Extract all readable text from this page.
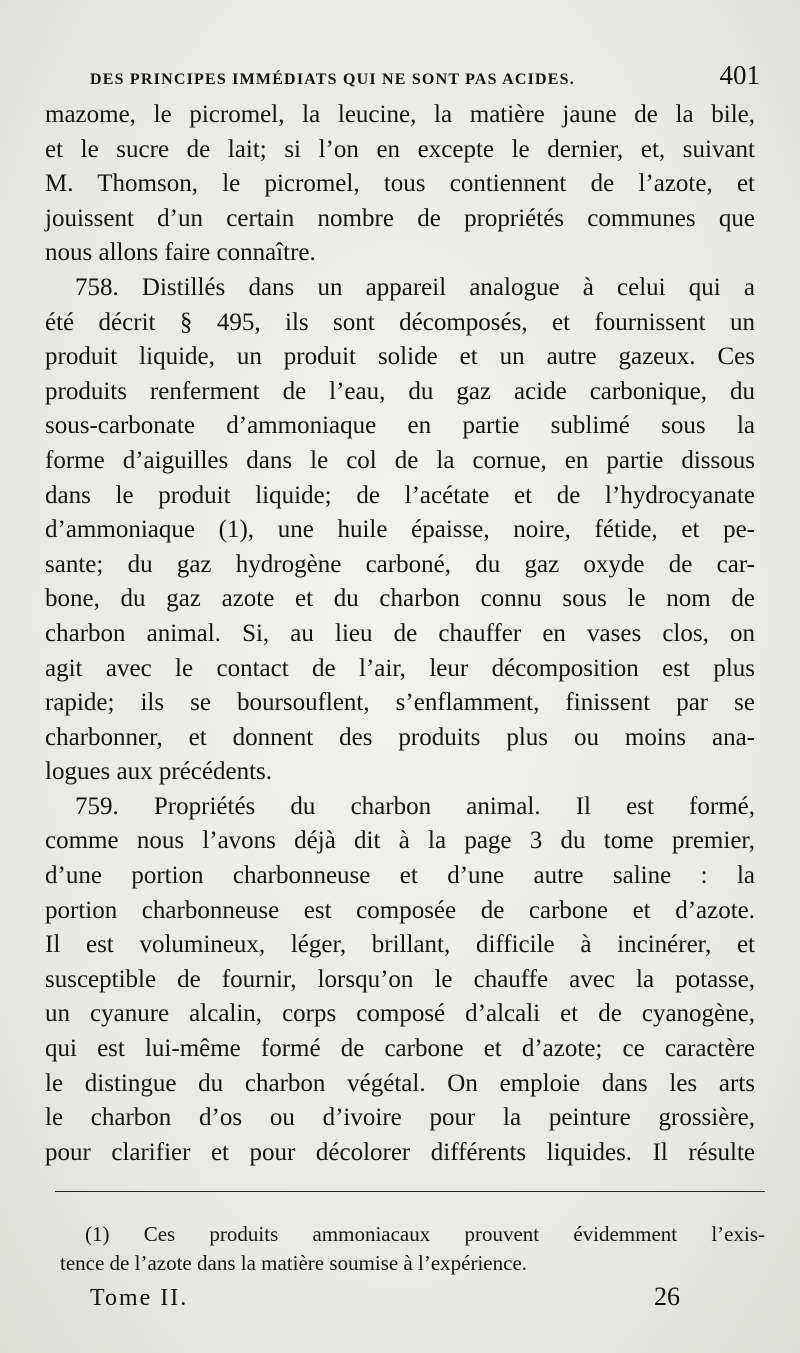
DES PRINCIPES IMMÉDIATS QUI NE SONT PAS ACIDES.	401
mazome, le picromel, la leucine, la matière jaune de la bile,
et le sucre de lait; si l’on en excepte le dernier, et, suivant
M. Thomson, le picromel, tous contiennent de l’azote, et
jouissent d’un certain nombre de propriétés communes que
nous allons faire connaître.
758. Distillés dans un appareil analogue à celui qui a
été décrit § 495, ils sont décomposés, et fournissent un
produit liquide, un produit solide et un autre gazeux. Ces
produits renferment de l’eau, du gaz acide carbonique, du
sous-carbonate d’ammoniaque en partie sublimé sous la
forme d’aiguilles dans le col de la cornue, en partie dissous
dans le produit liquide; de l’acétate et de l’hydrocyanate
d’ammoniaque (1), une huile épaisse, noire, fétide, et pe-
sante; du gaz hydrogène carboné, du gaz oxyde de car-
bone, du gaz azote et du charbon connu sous le nom de
charbon animal. Si, au lieu de chauffer en vases clos, on
agit avec le contact de l’air, leur décomposition est plus
rapide; ils se boursouflent, s’enflamment, finissent par se
charbonner, et donnent des produits plus ou moins ana-
logues aux précédents.
759. Propriétés du charbon animal. Il est formé,
comme nous l’avons déjà dit à la page 3 du tome premier,
d’une portion charbonneuse et d’une autre saline : la
portion charbonneuse est composée de carbone et d’azote.
Il est volumineux, léger, brillant, difficile à incinérer, et
susceptible de fournir, lorsqu’on le chauffe avec la potasse,
un cyanure alcalin, corps composé d’alcali et de cyanogène,
qui est lui-même formé de carbone et d’azote; ce caractère
le distingue du charbon végétal. On emploie dans les arts
le charbon d’os ou d’ivoire pour la peinture grossière,
pour clarifier et pour décolorer différents liquides. Il résulte
(1) Ces produits ammoniacaux prouvent évidemment l’exis-
tence de l’azote dans la matière soumise à l’expérience.
Tome II.	26
